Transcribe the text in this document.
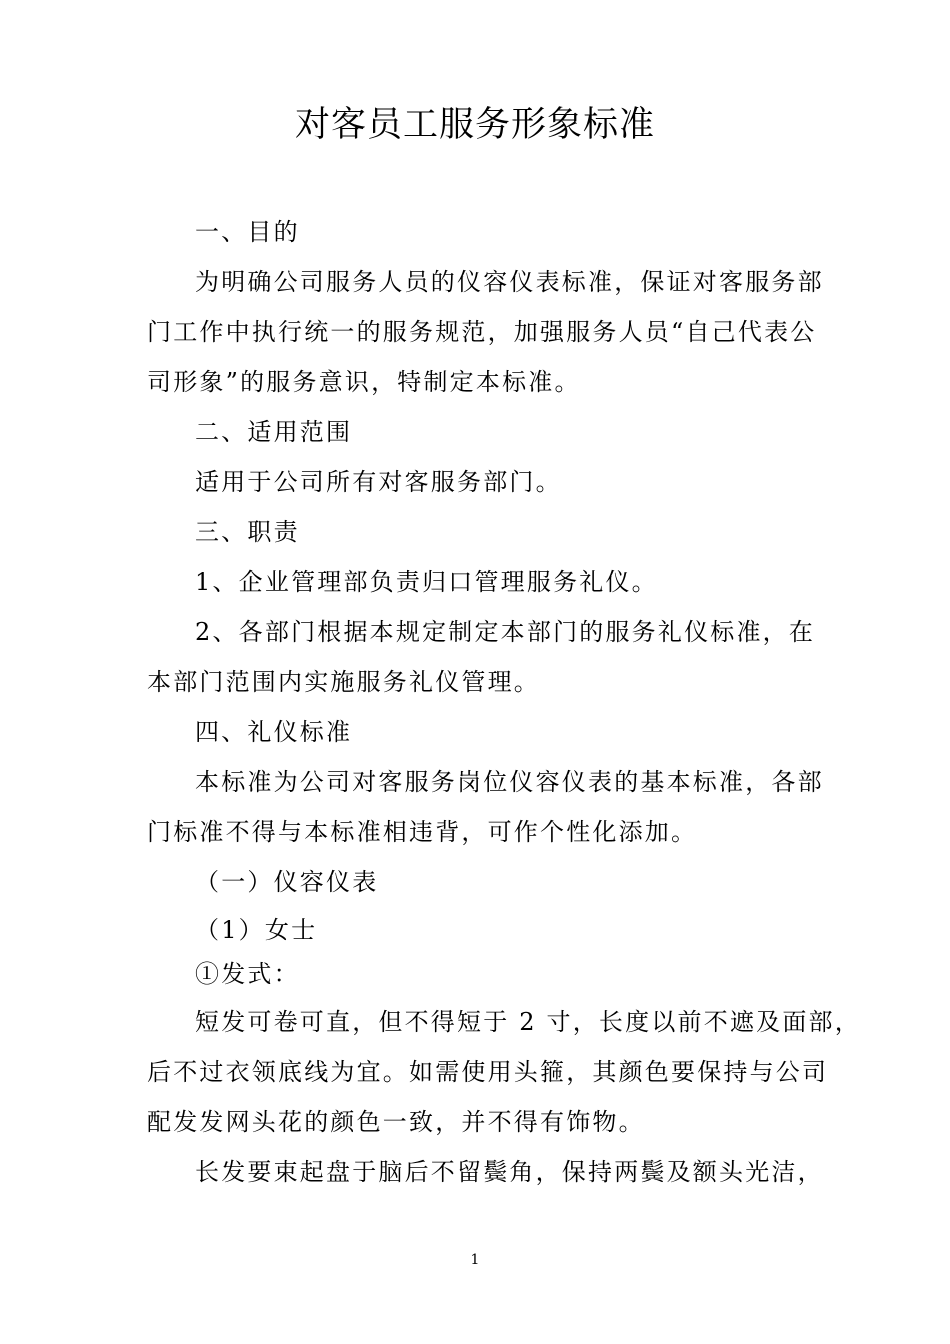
对客员工服务形象标准
一、目的
为明确公司服务人员的仪容仪表标准，保证对客服务部
门工作中执行统一的服务规范，加强服务人员“自己代表公
司形象”的服务意识，特制定本标准。
二、适用范围
适用于公司所有对客服务部门。
三、职责
1、企业管理部负责归口管理服务礼仪。
2、各部门根据本规定制定本部门的服务礼仪标准，在
本部门范围内实施服务礼仪管理。
四、礼仪标准
本标准为公司对客服务岗位仪容仪表的基本标准，各部
门标准不得与本标准相违背，可作个性化添加。
（一）仪容仪表
（1）女士
①发式：
短发可卷可直，但不得短于 2 寸，长度以前不遮及面部，
后不过衣领底线为宜。如需使用头箍，其颜色要保持与公司
配发发网头花的颜色一致，并不得有饰物。
长发要束起盘于脑后不留鬓角，保持两鬓及额头光洁，
1
